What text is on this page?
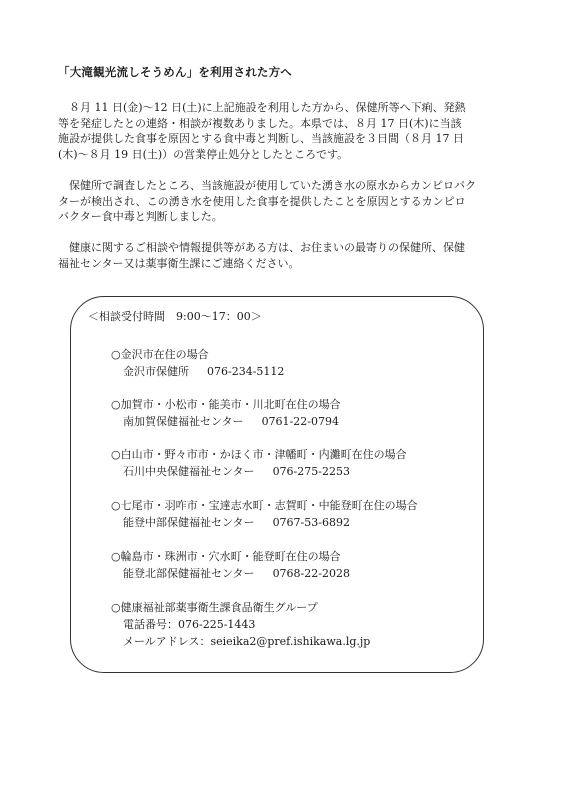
「大滝観光流しそうめん」を利用された方へ

　８月 11 日(金)～12 日(土)に上記施設を利用した方から、保健所等へ下痢、発熱
等を発症したとの連絡・相談が複数ありました。本県では、８月 17 日(木)に当該
施設が提供した食事を原因とする食中毒と判断し、当該施設を３日間（８月 17 日
(木)～８月 19 日(土)）の営業停止処分としたところです。

　保健所で調査したところ、当該施設が使用していた湧き水の原水からカンピロバク
ターが検出され、この湧き水を使用した食事を提供したことを原因とするカンピロ
バクター食中毒と判断しました。

　健康に関するご相談や情報提供等がある方は、お住まいの最寄りの保健所、保健
福祉センター又は薬事衛生課にご連絡ください。

＜相談受付時間　9:00～17：00＞
○金沢市在住の場合
金沢市保健所 076-234-5112
○加賀市・小松市・能美市・川北町在住の場合
南加賀保健福祉センター 0761-22-0794
○白山市・野々市市・かほく市・津幡町・内灘町在住の場合
石川中央保健福祉センター 076-275-2253
○七尾市・羽咋市・宝達志水町・志賀町・中能登町在住の場合
能登中部保健福祉センター 0767-53-6892
○輪島市・珠洲市・穴水町・能登町在住の場合
能登北部保健福祉センター 0768-22-2028
○健康福祉部薬事衛生課食品衛生グループ
電話番号：076-225-1443
メールアドレス：seieika2@pref.ishikawa.lg.jp
